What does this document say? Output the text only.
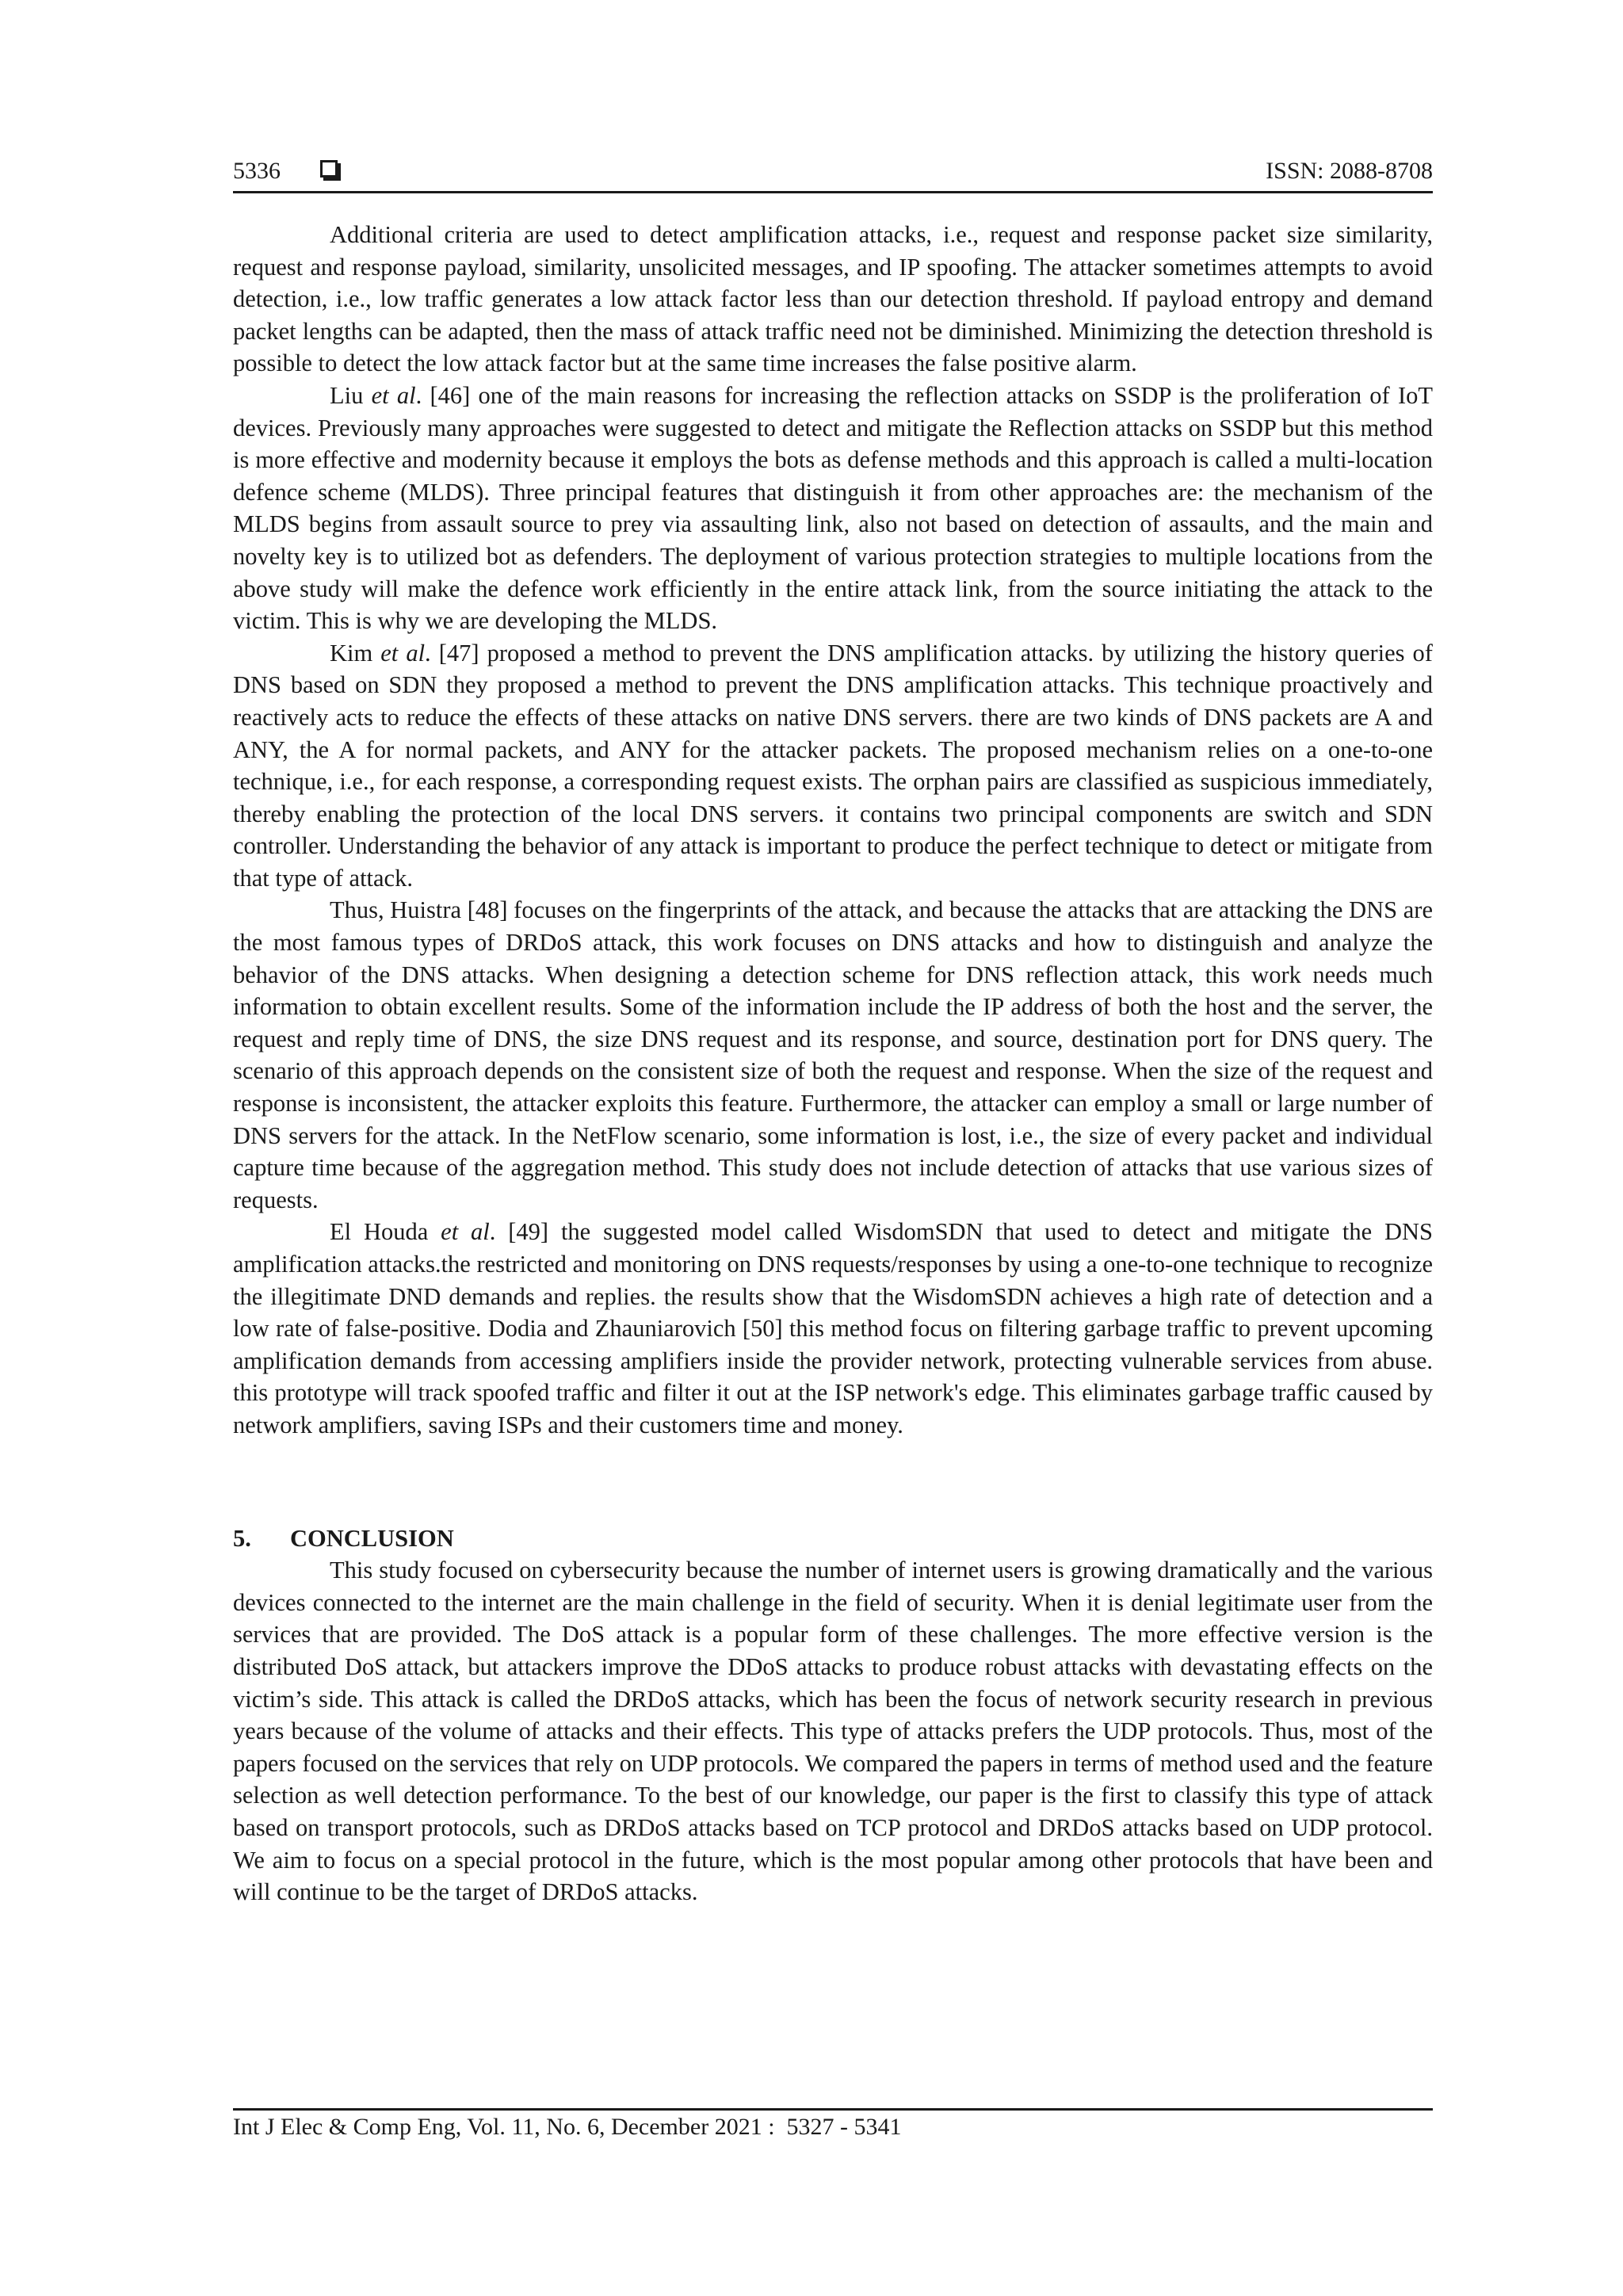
5336	ISSN: 2088-8708

Additional criteria are used to detect amplification attacks, i.e., request and response packet size similarity, request and response payload, similarity, unsolicited messages, and IP spoofing. The attacker sometimes attempts to avoid detection, i.e., low traffic generates a low attack factor less than our detection threshold. If payload entropy and demand packet lengths can be adapted, then the mass of attack traffic need not be diminished. Minimizing the detection threshold is possible to detect the low attack factor but at the same time increases the false positive alarm.

Liu et al. [46] one of the main reasons for increasing the reflection attacks on SSDP is the proliferation of IoT devices. Previously many approaches were suggested to detect and mitigate the Reflection attacks on SSDP but this method is more effective and modernity because it employs the bots as defense methods and this approach is called a multi-location defence scheme (MLDS). Three principal features that distinguish it from other approaches are: the mechanism of the MLDS begins from assault source to prey via assaulting link, also not based on detection of assaults, and the main and novelty key is to utilized bot as defenders. The deployment of various protection strategies to multiple locations from the above study will make the defence work efficiently in the entire attack link, from the source initiating the attack to the victim. This is why we are developing the MLDS.

Kim et al. [47] proposed a method to prevent the DNS amplification attacks. by utilizing the history queries of DNS based on SDN they proposed a method to prevent the DNS amplification attacks. This technique proactively and reactively acts to reduce the effects of these attacks on native DNS servers. there are two kinds of DNS packets are A and ANY, the A for normal packets, and ANY for the attacker packets. The proposed mechanism relies on a one-to-one technique, i.e., for each response, a corresponding request exists. The orphan pairs are classified as suspicious immediately, thereby enabling the protection of the local DNS servers. it contains two principal components are switch and SDN controller. Understanding the behavior of any attack is important to produce the perfect technique to detect or mitigate from that type of attack.

Thus, Huistra [48] focuses on the fingerprints of the attack, and because the attacks that are attacking the DNS are the most famous types of DRDoS attack, this work focuses on DNS attacks and how to distinguish and analyze the behavior of the DNS attacks. When designing a detection scheme for DNS reflection attack, this work needs much information to obtain excellent results. Some of the information include the IP address of both the host and the server, the request and reply time of DNS, the size DNS request and its response, and source, destination port for DNS query. The scenario of this approach depends on the consistent size of both the request and response. When the size of the request and response is inconsistent, the attacker exploits this feature. Furthermore, the attacker can employ a small or large number of DNS servers for the attack. In the NetFlow scenario, some information is lost, i.e., the size of every packet and individual capture time because of the aggregation method. This study does not include detection of attacks that use various sizes of requests.

El Houda et al. [49] the suggested model called WisdomSDN that used to detect and mitigate the DNS amplification attacks.the restricted and monitoring on DNS requests/responses by using a one-to-one technique to recognize the illegitimate DND demands and replies. the results show that the WisdomSDN achieves a high rate of detection and a low rate of false-positive. Dodia and Zhauniarovich [50] this method focus on filtering garbage traffic to prevent upcoming amplification demands from accessing amplifiers inside the provider network, protecting vulnerable services from abuse. this prototype will track spoofed traffic and filter it out at the ISP network's edge. This eliminates garbage traffic caused by network amplifiers, saving ISPs and their customers time and money.

5. CONCLUSION

This study focused on cybersecurity because the number of internet users is growing dramatically and the various devices connected to the internet are the main challenge in the field of security. When it is denial legitimate user from the services that are provided. The DoS attack is a popular form of these challenges. The more effective version is the distributed DoS attack, but attackers improve the DDoS attacks to produce robust attacks with devastating effects on the victim’s side. This attack is called the DRDoS attacks, which has been the focus of network security research in previous years because of the volume of attacks and their effects. This type of attacks prefers the UDP protocols. Thus, most of the papers focused on the services that rely on UDP protocols. We compared the papers in terms of method used and the feature selection as well detection performance. To the best of our knowledge, our paper is the first to classify this type of attack based on transport protocols, such as DRDoS attacks based on TCP protocol and DRDoS attacks based on UDP protocol. We aim to focus on a special protocol in the future, which is the most popular among other protocols that have been and will continue to be the target of DRDoS attacks.

Int J Elec & Comp Eng, Vol. 11, No. 6, December 2021 :  5327 - 5341
